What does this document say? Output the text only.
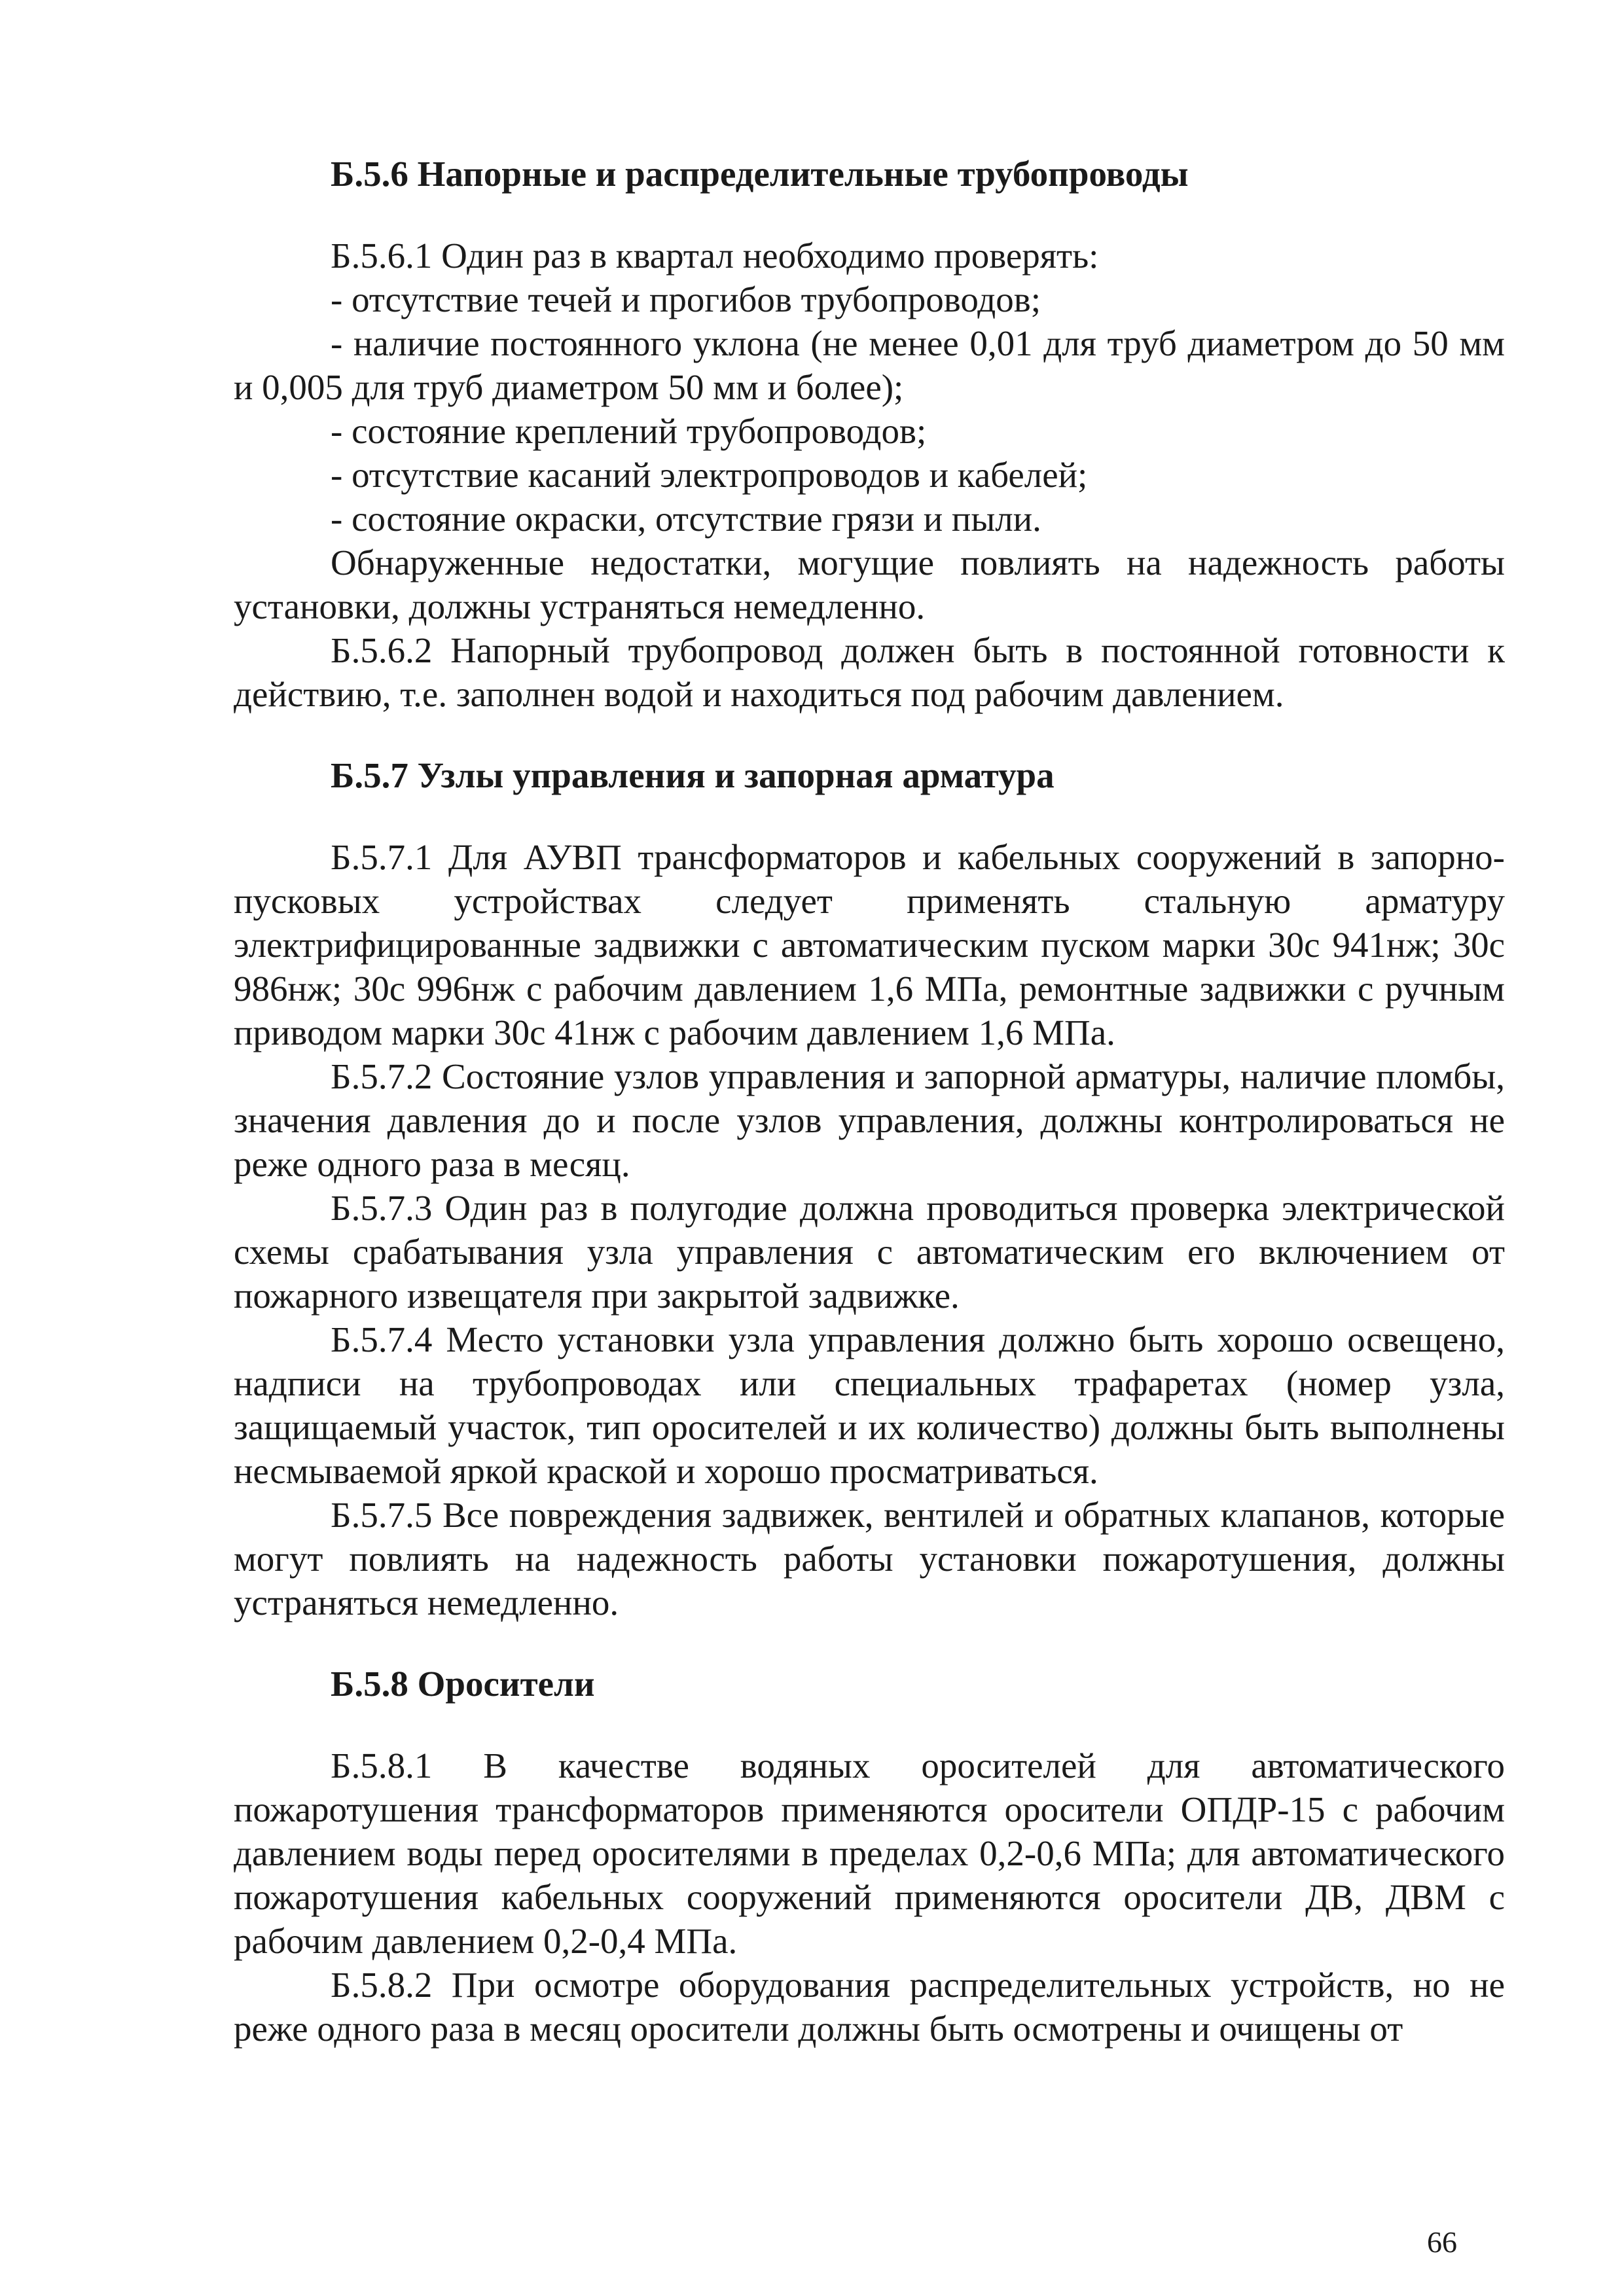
Б.5.6 Напорные и распределительные трубопроводы

Б.5.6.1 Один раз в квартал необходимо проверять:

- отсутствие течей и прогибов трубопроводов;

- наличие постоянного уклона (не менее 0,01 для труб диаметром до 50 мм и 0,005 для труб диаметром 50 мм и более);

- состояние креплений трубопроводов;

- отсутствие касаний электропроводов и кабелей;

- состояние окраски, отсутствие грязи и пыли.

Обнаруженные недостатки, могущие повлиять на надежность работы установки, должны устраняться немедленно.

Б.5.6.2 Напорный трубопровод должен быть в постоянной готовности к действию, т.е. заполнен водой и находиться под рабочим давлением.

Б.5.7 Узлы управления и запорная арматура

Б.5.7.1 Для АУВП трансформаторов и кабельных сооружений в запорно-пусковых устройствах следует применять стальную арматуру электрифицированные задвижки с автоматическим пуском марки 30с 941нж; 30с 986нж; 30с 996нж с рабочим давлением 1,6 МПа, ремонтные задвижки с ручным приводом марки 30с 41нж с рабочим давлением 1,6 МПа.

Б.5.7.2 Состояние узлов управления и запорной арматуры, наличие пломбы, значения давления до и после узлов управления, должны контролироваться не реже одного раза в месяц.

Б.5.7.3 Один раз в полугодие должна проводиться проверка электрической схемы срабатывания узла управления с автоматическим его включением от пожарного извещателя при закрытой задвижке.

Б.5.7.4 Место установки узла управления должно быть хорошо освещено, надписи на трубопроводах или специальных трафаретах (номер узла, защищаемый участок, тип оросителей и их количество) должны быть выполнены несмываемой яркой краской и хорошо просматриваться.

Б.5.7.5 Все повреждения задвижек, вентилей и обратных клапанов, которые могут повлиять на надежность работы установки пожаротушения, должны устраняться немедленно.

Б.5.8 Оросители

Б.5.8.1 В качестве водяных оросителей для автоматического пожаротушения трансформаторов применяются оросители ОПДР-15 с рабочим давлением воды перед оросителями в пределах 0,2-0,6 МПа; для автоматического пожаротушения кабельных сооружений применяются оросители ДВ, ДВМ с рабочим давлением 0,2-0,4 МПа.

Б.5.8.2 При осмотре оборудования распределительных устройств, но не реже одного раза в месяц оросители должны быть осмотрены и очищены от

66
